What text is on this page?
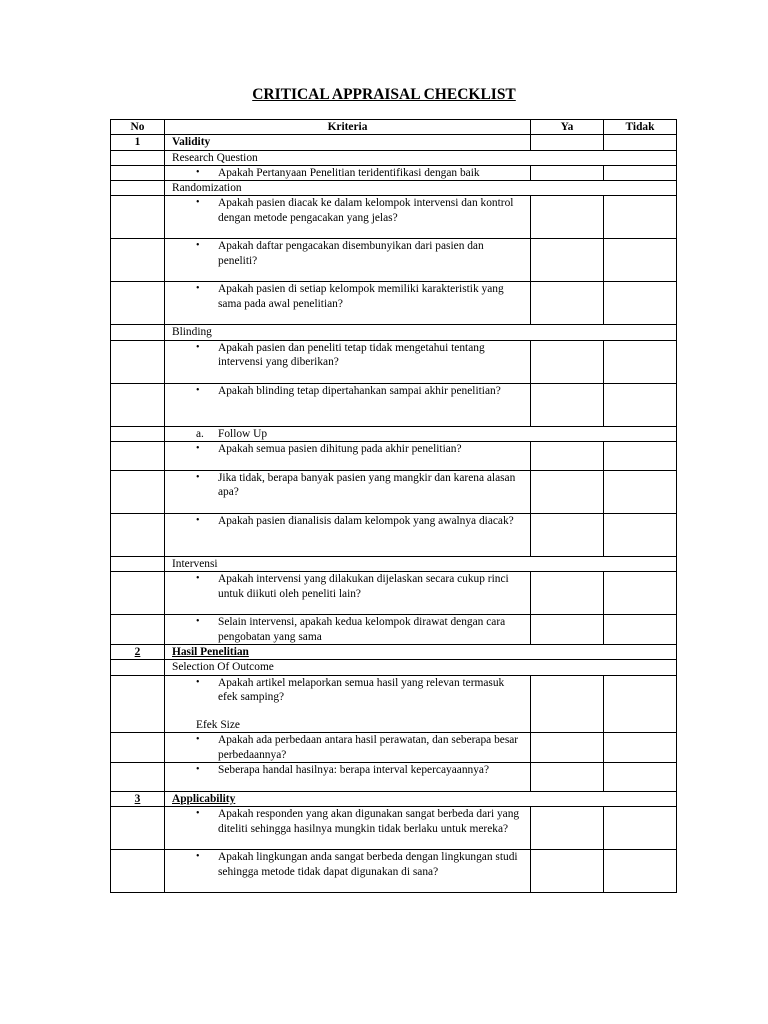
CRITICAL APPRAISAL CHECKLIST
No	Kriteria	Ya	Tidak
1	Validity		
	Research Question		

	• Apakah Pertanyaan Penelitian teridentifikasi dengan baik		
	Randomization		

	• Apakah pasien diacak ke dalam kelompok intervensi dan kontrol dengan metode pengacakan yang jelas?		

	• Apakah daftar pengacakan disembunyikan dari pasien dan peneliti?		

	• Apakah pasien di setiap kelompok memiliki karakteristik yang sama pada awal penelitian?		
	Blinding		

	• Apakah pasien dan peneliti tetap tidak mengetahui tentang intervensi yang diberikan?		

	• Apakah blinding tetap dipertahankan sampai akhir penelitian?		

	a. Follow Up		

	• Apakah semua pasien dihitung pada akhir penelitian?		

	• Jika tidak, berapa banyak pasien yang mangkir dan karena alasan apa?		

	• Apakah pasien dianalisis dalam kelompok yang awalnya diacak?		
	Intervensi		

	• Apakah intervensi yang dilakukan dijelaskan secara cukup rinci untuk diikuti oleh peneliti lain?		

	• Selain intervensi, apakah kedua kelompok dirawat dengan cara pengobatan yang sama		
2	Hasil Penelitian		
	Selection Of Outcome		

	• Apakah artikel melaporkan semua hasil yang relevan termasuk efek samping?
Efek Size		

	• Apakah ada perbedaan antara hasil perawatan, dan seberapa besar perbedaannya?		

	• Seberapa handal hasilnya: berapa interval kepercayaannya?		
3	Applicability		

	• Apakah responden yang akan digunakan sangat berbeda dari yang diteliti sehingga hasilnya mungkin tidak berlaku untuk mereka?		

	• Apakah lingkungan anda sangat berbeda dengan lingkungan studi sehingga metode tidak dapat digunakan di sana?		
